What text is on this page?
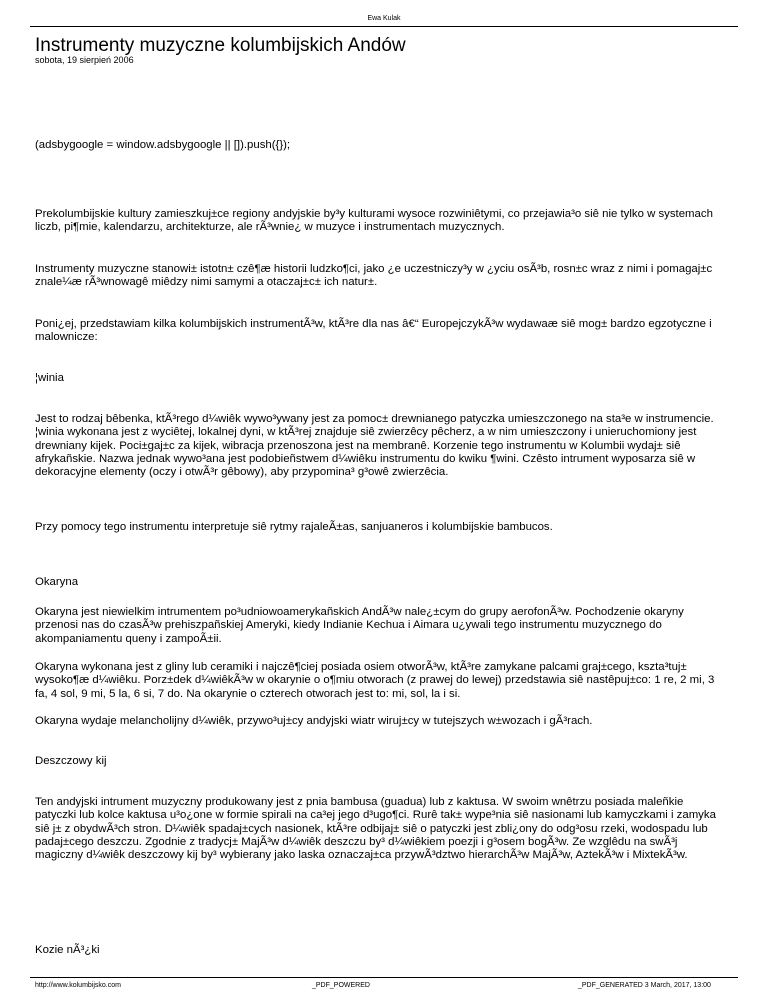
Ewa Kulak
Instrumenty muzyczne kolumbijskich Andów
sobota, 19 sierpień 2006

(adsbygoogle = window.adsbygoogle || []).push({});

Prekolumbijskie kultury zamieszkuj±ce regiony andyjskie by³y kulturami wysoce rozwiniêtymi, co przejawia³o siê nie tylko w systemach liczb, pi¶mie, kalendarzu, architekturze, ale rÃ³wnie¿ w muzyce i instrumentach muzycznych.

Instrumenty muzyczne stanowi± istotn± czê¶æ historii ludzko¶ci, jako ¿e uczestniczy³y w ¿yciu osÃ³b, rosn±c wraz z nimi i pomagaj±c znale¼æ rÃ³wnowagê miêdzy nimi samymi a otaczaj±c± ich natur±.

Poni¿ej, przedstawiam kilka kolumbijskich instrumentÃ³w, ktÃ³re dla nas â€“ EuropejczykÃ³w wydawaæ siê mog± bardzo egzotyczne i malownicze:

¦winia

Jest to rodzaj bêbenka, ktÃ³rego d¼wiêk wywo³ywany jest za pomoc± drewnianego patyczka umieszczonego na sta³e w instrumencie. ¦winia wykonana jest z wyciêtej, lokalnej dyni, w ktÃ³rej znajduje siê zwierzêcy pêcherz, a w nim umieszczony i unieruchomiony jest drewniany kijek. Poci±gaj±c za kijek, wibracja przenoszona jest na membranê. Korzenie tego instrumentu w Kolumbii wydaj± siê afrykañskie. Nazwa jednak wywo³ana jest podobieñstwem d¼wiêku instrumentu do kwiku ¶wini. Czêsto intrument wyposarza siê w dekoracyjne elementy (oczy i otwÃ³r gêbowy), aby przypomina³ g³owê zwierzêcia.

Przy pomocy tego instrumentu interpretuje siê rytmy rajaleÃ±as, sanjuaneros i kolumbijskie bambucos.

Okaryna

Okaryna jest niewielkim intrumentem po³udniowoamerykañskich AndÃ³w nale¿±cym do grupy aerofonÃ³w. Pochodzenie okaryny przenosi nas do czasÃ³w prehiszpañskiej Ameryki, kiedy Indianie Kechua i Aimara u¿ywali tego instrumentu muzycznego do akompaniamentu queny i zampoÃ±ii.

Okaryna wykonana jest z gliny lub ceramiki i najczê¶ciej posiada osiem otworÃ³w, ktÃ³re zamykane palcami graj±cego, kszta³tuj± wysoko¶æ d¼wiêku. Porz±dek d¼wiêkÃ³w w okarynie o o¶miu otworach (z prawej do lewej) przedstawia siê nastêpuj±co: 1 re, 2 mi, 3 fa, 4 sol, 9 mi, 5 la, 6 si, 7 do. Na okarynie o czterech otworach jest to: mi, sol, la i si.

Okaryna wydaje melancholijny d¼wiêk, przywo³uj±cy andyjski wiatr wiruj±cy w tutejszych w±wozach i gÃ³rach.

Deszczowy kij

Ten andyjski intrument muzyczny produkowany jest z pnia bambusa (guadua) lub z kaktusa. W swoim wnêtrzu posiada maleñkie patyczki lub kolce kaktusa u³o¿one w formie spirali na ca³ej jego d³ugo¶ci. Rurê tak± wype³nia siê nasionami lub kamyczkami i zamyka siê j± z obydwÃ³ch stron. D¼wiêk spadaj±cych nasionek, ktÃ³re odbijaj± siê o patyczki jest zbli¿ony do odg³osu rzeki, wodospadu lub padaj±cego deszczu. Zgodnie z tradycj± MajÃ³w d¼wiêk deszczu by³ d¼wiêkiem poezji i g³osem bogÃ³w. Ze wzglêdu na swÃ³j magiczny d¼wiêk deszczowy kij by³ wybierany jako laska oznaczaj±ca przywÃ³dztwo hierarchÃ³w MajÃ³w, AztekÃ³w i MixtekÃ³w.

Kozie nÃ³¿ki

http://www.kolumbijsko.com	_PDF_POWERED	_PDF_GENERATED 3 March, 2017, 13:00
